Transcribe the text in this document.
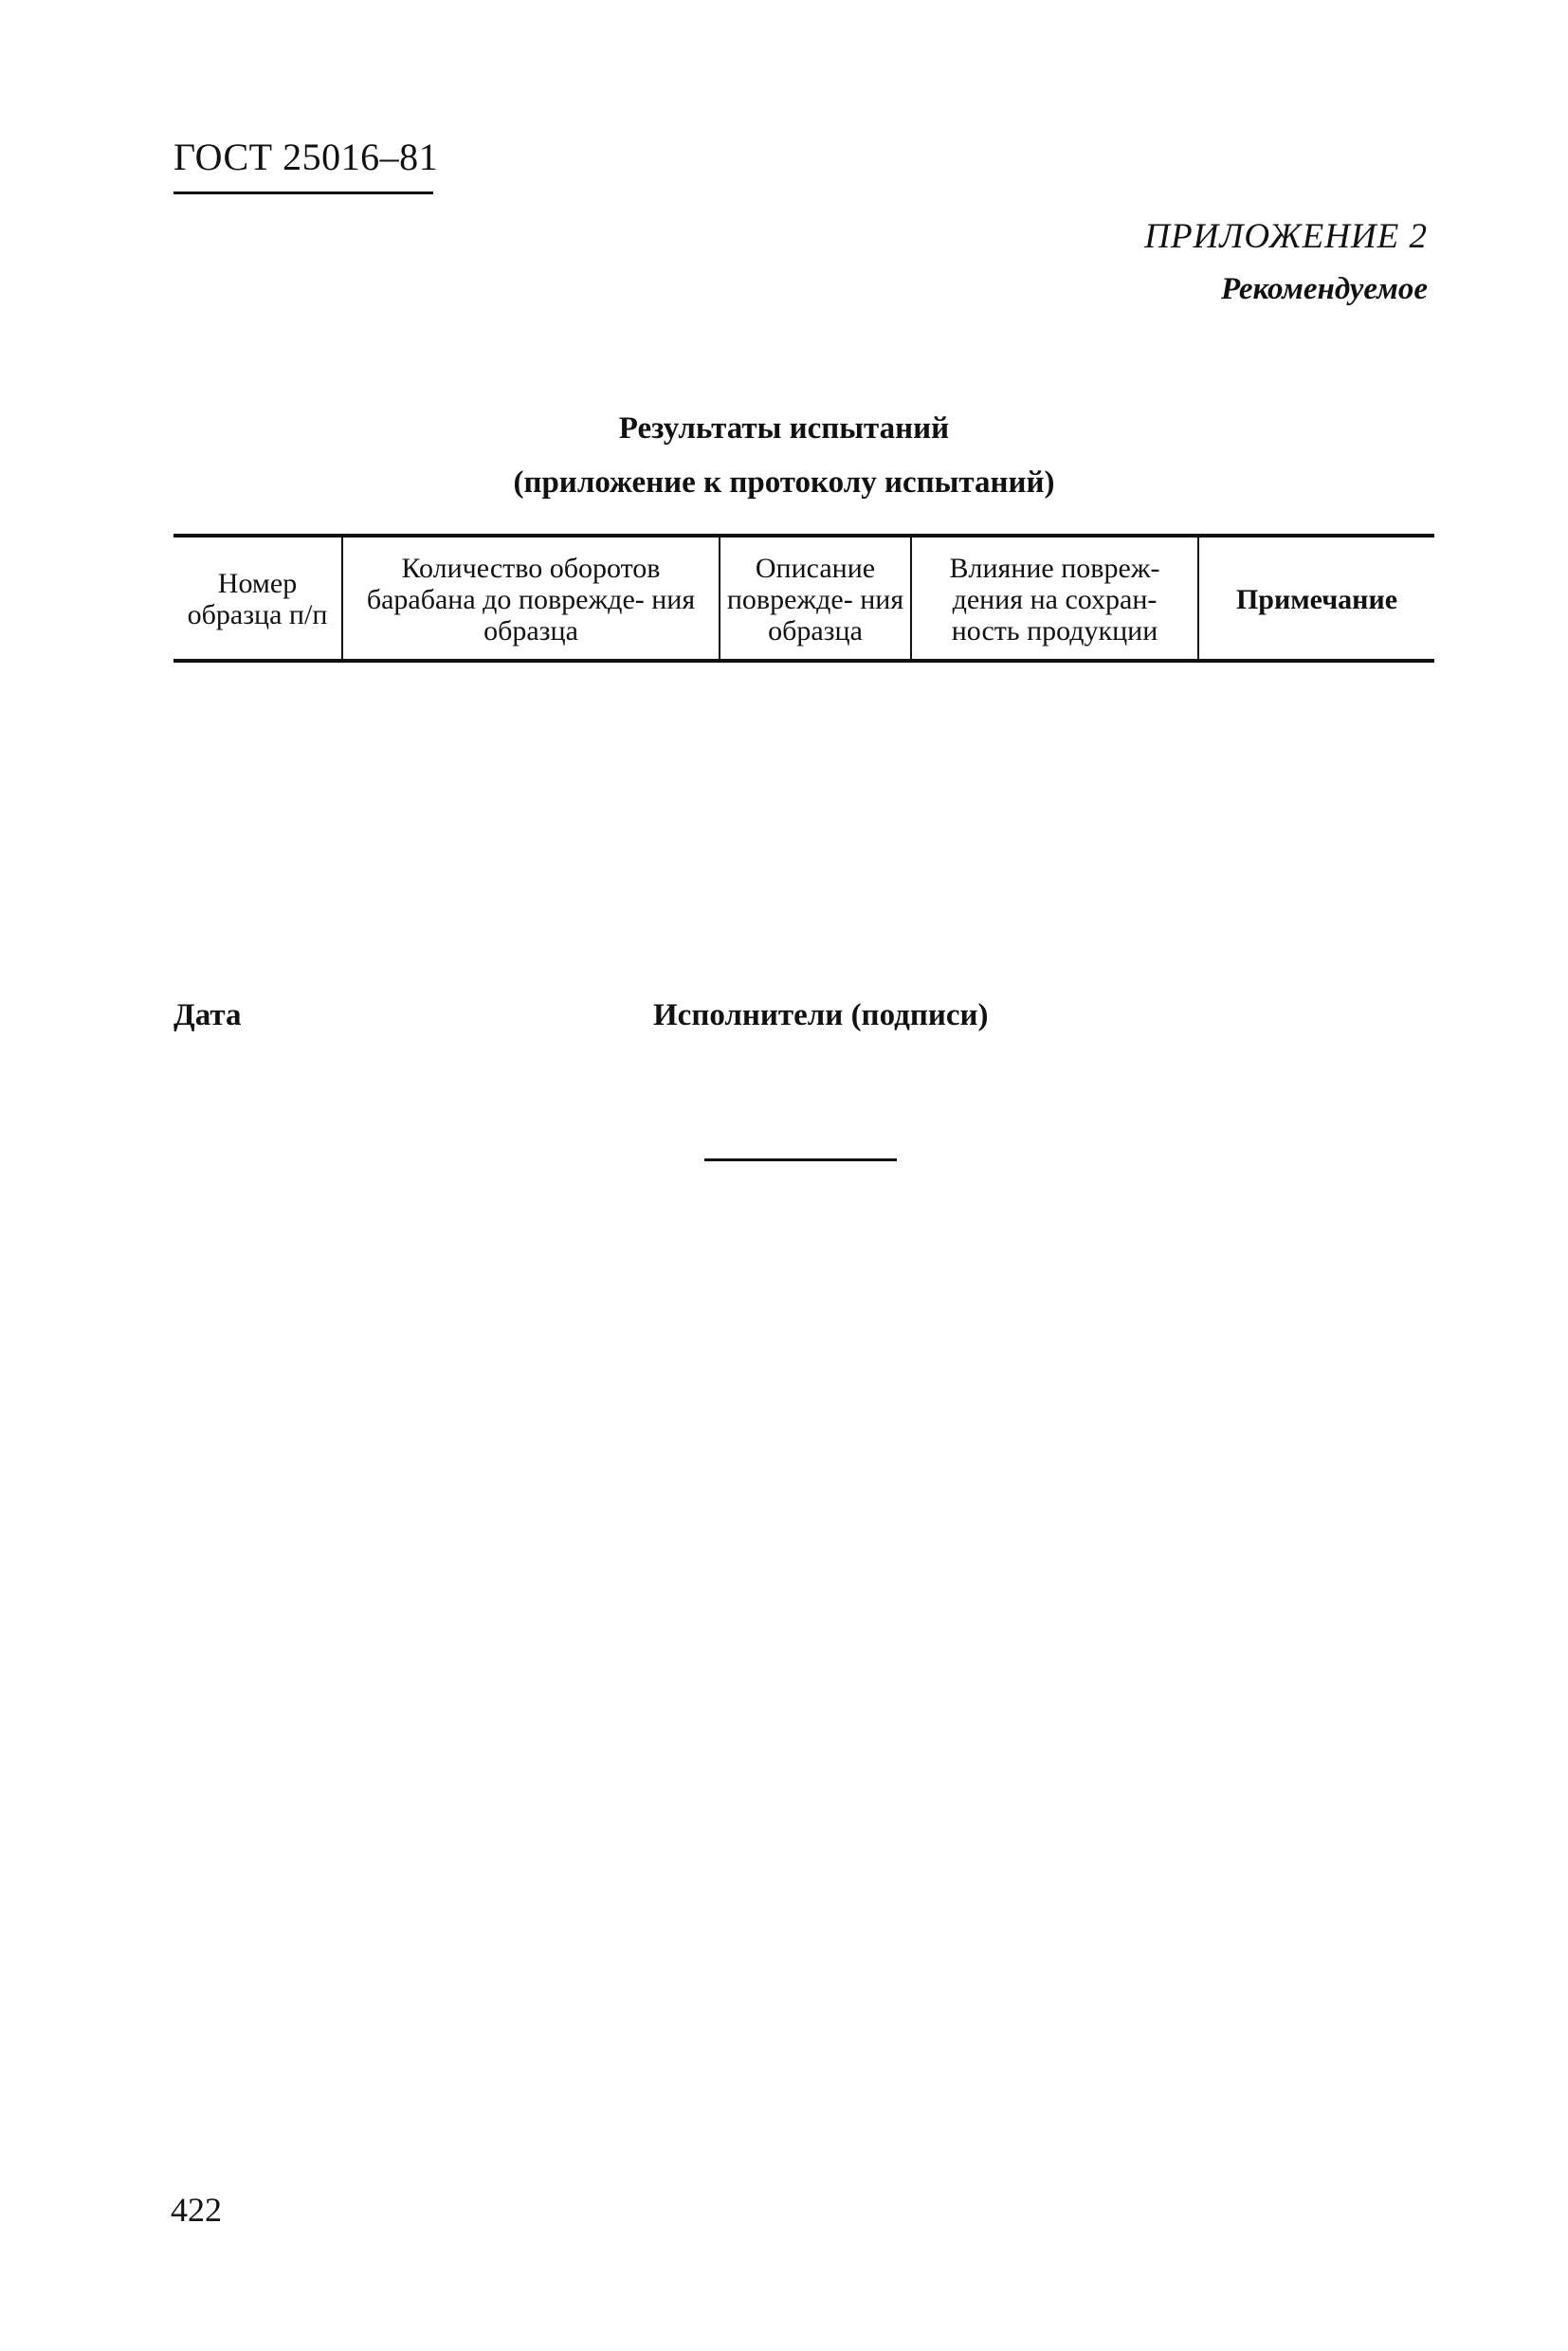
ГОСТ 25016–81
ПРИЛОЖЕНИЕ 2
Рекомендуемое
Результаты испытаний
(приложение к протоколу испытаний)
Номер образца п/п	Количество оборотов барабана до поврежде- ния образца	Описание поврежде- ния образца	Влияние повреж- дения на сохран- ность продукции	Примечание
Дата	Исполнители (подписи)
422
